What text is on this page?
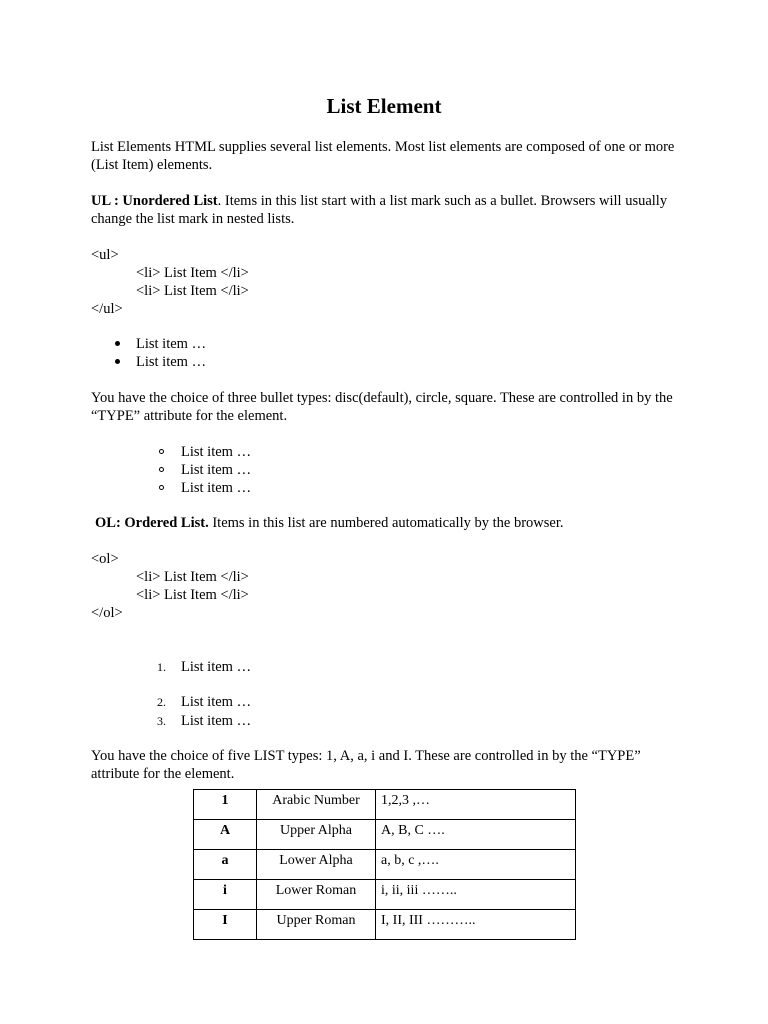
List Element
List Elements HTML supplies several list elements. Most list elements are composed of one or more (List Item) elements.
UL : Unordered List. Items in this list start with a list mark such as a bullet. Browsers will usually change the list mark in nested lists.
<ul>
<li> List Item </li>
<li> List Item </li>
</ul>
List item …
List item …
You have the choice of three bullet types: disc(default), circle, square. These are controlled in by the “TYPE” attribute for the element.
List item …
List item …
List item …
OL: Ordered List. Items in this list are numbered automatically by the browser.
<ol>
<li> List Item </li>
<li> List Item </li>
</ol>
1. List item …
2. List item …
3. List item …
You have the choice of five LIST types: 1, A, a, i and I. These are controlled in by the “TYPE” attribute for the element.
1	Arabic Number	1,2,3 ,…
A	Upper Alpha	A, B, C ….
a	Lower Alpha	a, b, c ,….
i	Lower Roman	i, ii, iii ……..
I	Upper Roman	I, II, III ………..
